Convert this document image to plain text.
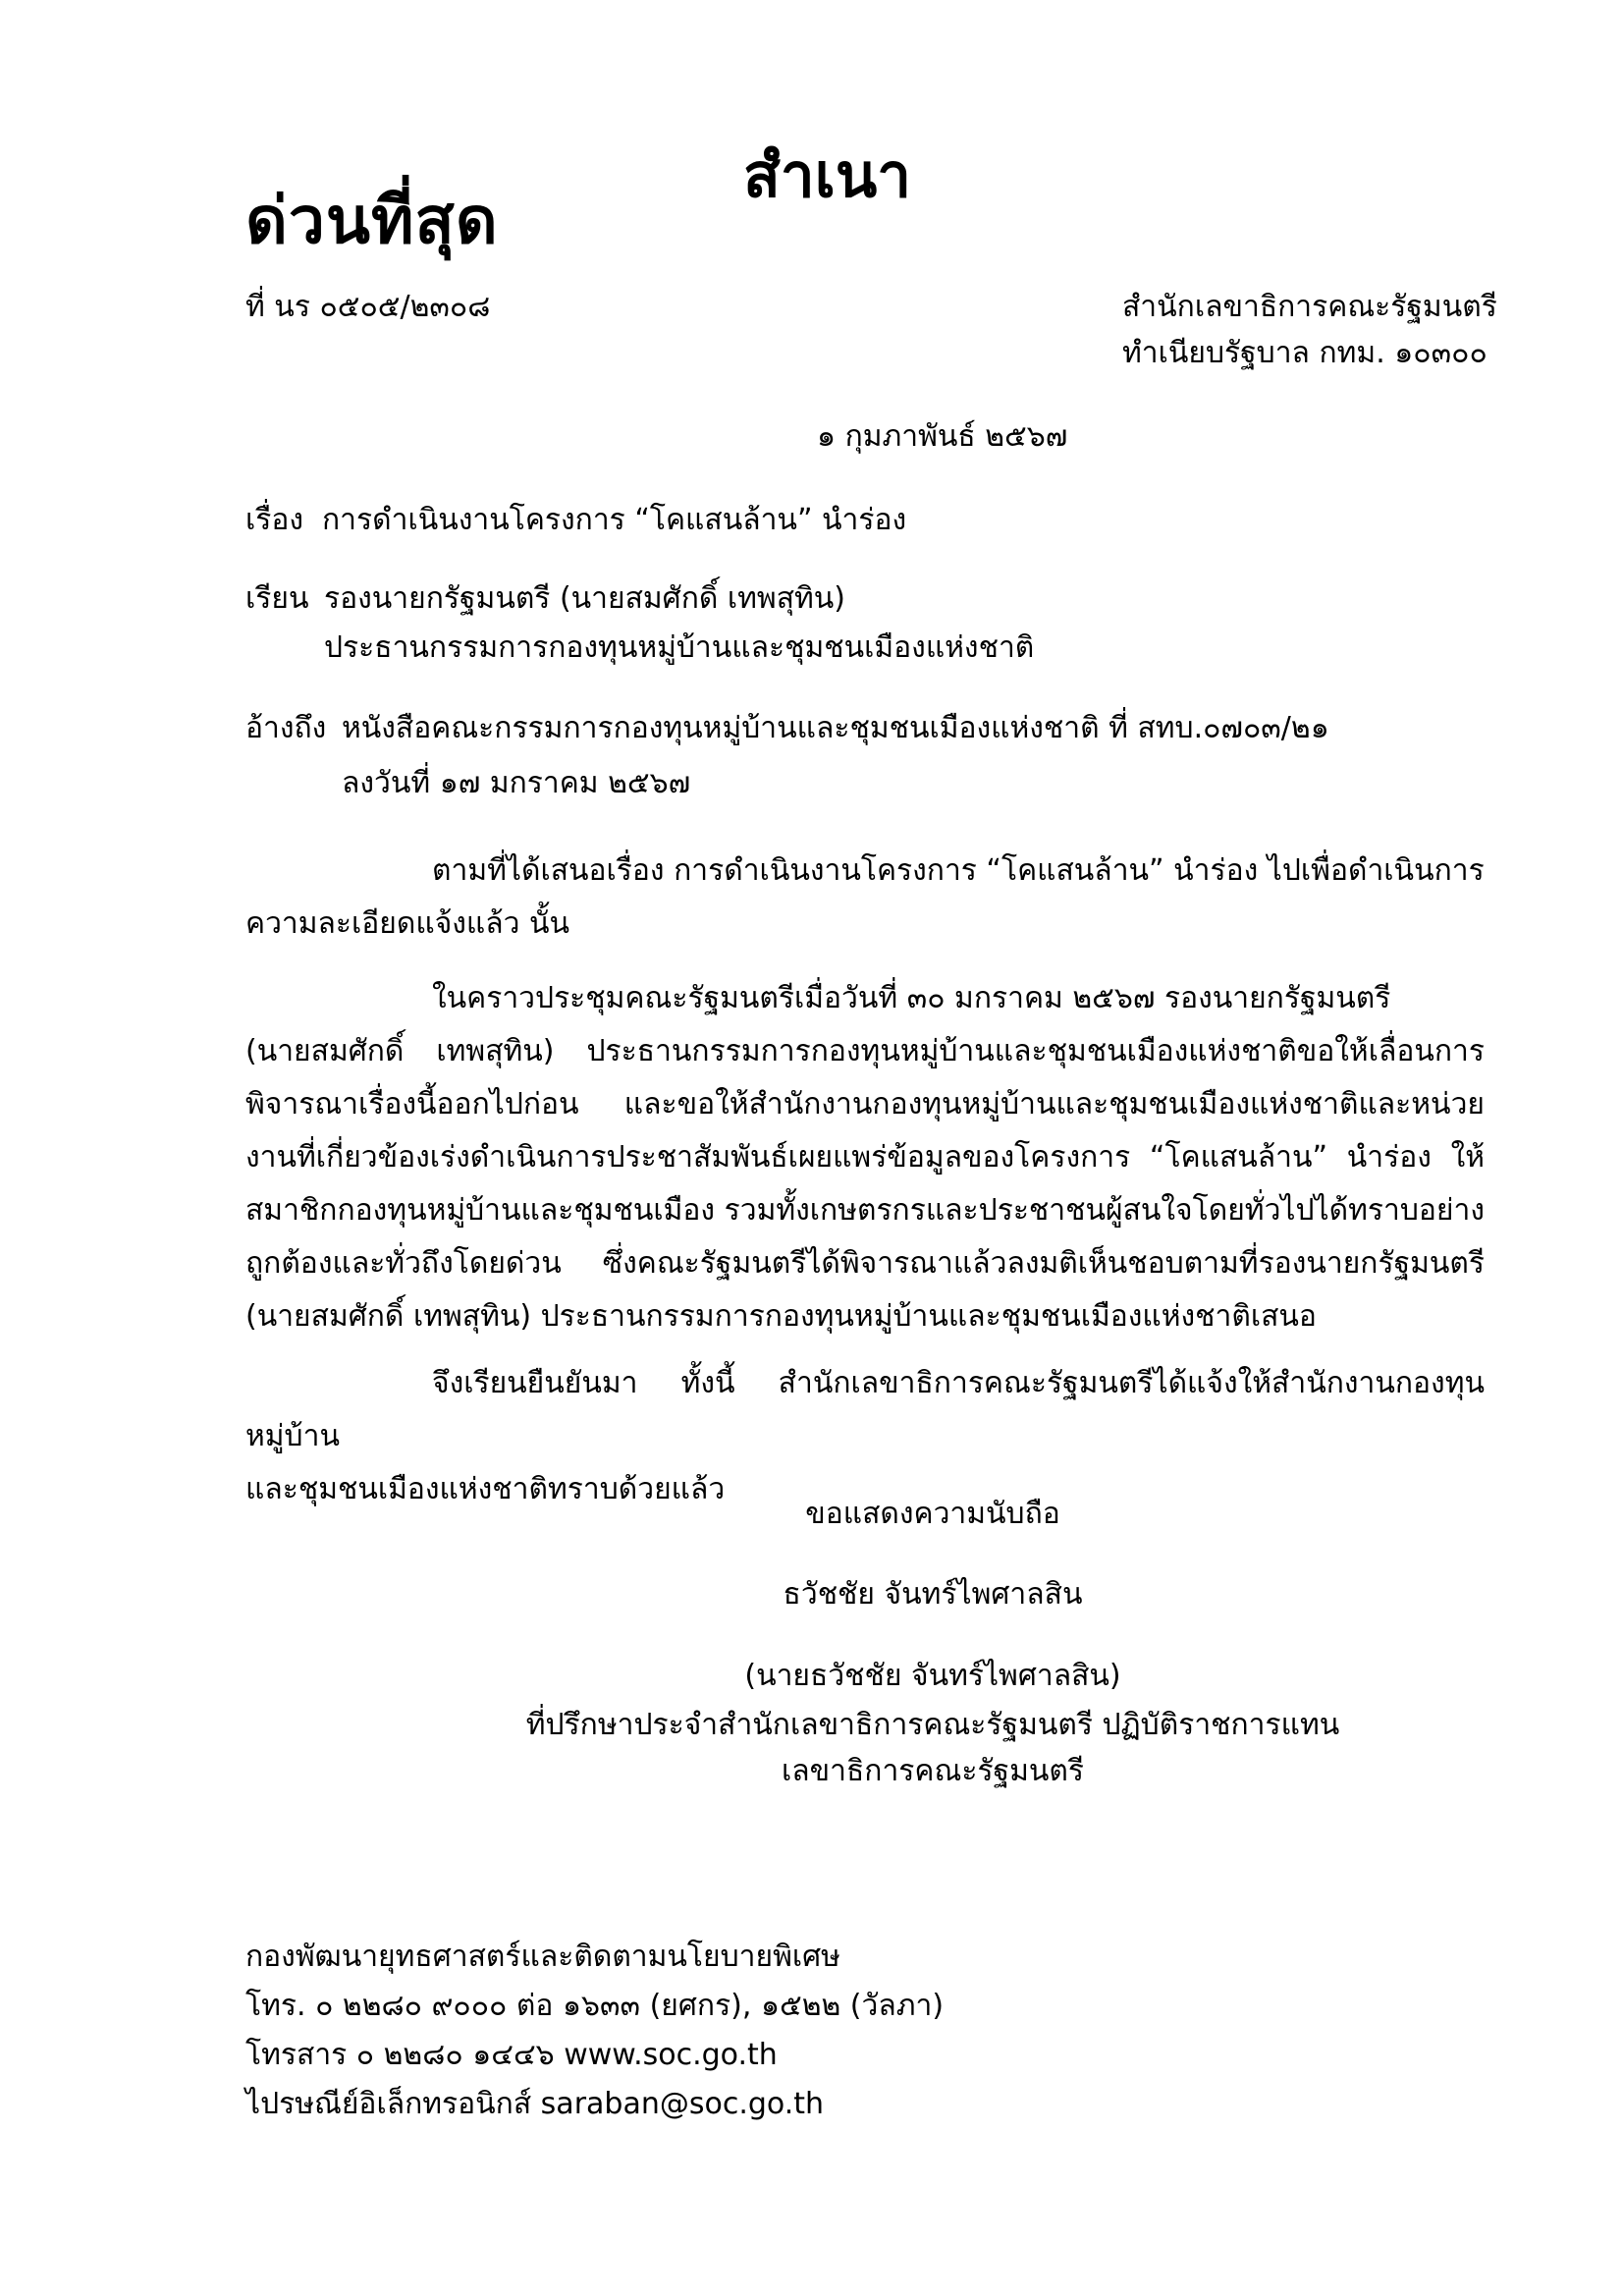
สำเนา
ด่วนที่สุด
ที่ นร ๐๕๐๕/๒๓๐๘	สำนักเลขาธิการคณะรัฐมนตรี
ทำเนียบรัฐบาล กทม. ๑๐๓๐๐
๑ กุมภาพันธ์ ๒๕๖๗
เรื่อง การดำเนินงานโครงการ “โคแสนล้าน” นำร่อง
เรียน รองนายกรัฐมนตรี (นายสมศักดิ์ เทพสุทิน)
ประธานกรรมการกองทุนหมู่บ้านและชุมชนเมืองแห่งชาติ
อ้างถึง หนังสือคณะกรรมการกองทุนหมู่บ้านและชุมชนเมืองแห่งชาติ ที่ สทบ.๐๗๐๓/๒๑
ลงวันที่ ๑๗ มกราคม ๒๕๖๗
ตามที่ได้เสนอเรื่อง การดำเนินงานโครงการ “โคแสนล้าน” นำร่อง ไปเพื่อดำเนินการ
ความละเอียดแจ้งแล้ว นั้น
ในคราวประชุมคณะรัฐมนตรีเมื่อวันที่ ๓๐ มกราคม ๒๕๖๗ รองนายกรัฐมนตรี
(นายสมศักดิ์ เทพสุทิน) ประธานกรรมการกองทุนหมู่บ้านและชุมชนเมืองแห่งชาติขอให้เลื่อนการพิจารณาเรื่องนี้ออกไปก่อน และขอให้สำนักงานกองทุนหมู่บ้านและชุมชนเมืองแห่งชาติและหน่วยงานที่เกี่ยวข้องเร่งดำเนินการประชาสัมพันธ์เผยแพร่ข้อมูลของโครงการ “โคแสนล้าน” นำร่อง ให้สมาชิกกองทุนหมู่บ้านและชุมชนเมือง รวมทั้งเกษตรกรและประชาชนผู้สนใจโดยทั่วไปได้ทราบอย่างถูกต้องและทั่วถึงโดยด่วน ซึ่งคณะรัฐมนตรีได้พิจารณาแล้วลงมติเห็นชอบตามที่รองนายกรัฐมนตรี (นายสมศักดิ์ เทพสุทิน) ประธานกรรมการกองทุนหมู่บ้านและชุมชนเมืองแห่งชาติเสนอ
จึงเรียนยืนยันมา ทั้งนี้ สำนักเลขาธิการคณะรัฐมนตรีได้แจ้งให้สำนักงานกองทุนหมู่บ้าน
และชุมชนเมืองแห่งชาติทราบด้วยแล้ว
ขอแสดงความนับถือ
ธวัชชัย จันทร์ไพศาลสิน
(นายธวัชชัย จันทร์ไพศาลสิน)
ที่ปรึกษาประจำสำนักเลขาธิการคณะรัฐมนตรี ปฏิบัติราชการแทน
เลขาธิการคณะรัฐมนตรี
กองพัฒนายุทธศาสตร์และติดตามนโยบายพิเศษ
โทร. ๐ ๒๒๘๐ ๙๐๐๐ ต่อ ๑๖๓๓ (ยศกร), ๑๕๒๒ (วัลภา)
โทรสาร ๐ ๒๒๘๐ ๑๔๔๖ www.soc.go.th
ไปรษณีย์อิเล็กทรอนิกส์ saraban@soc.go.th
